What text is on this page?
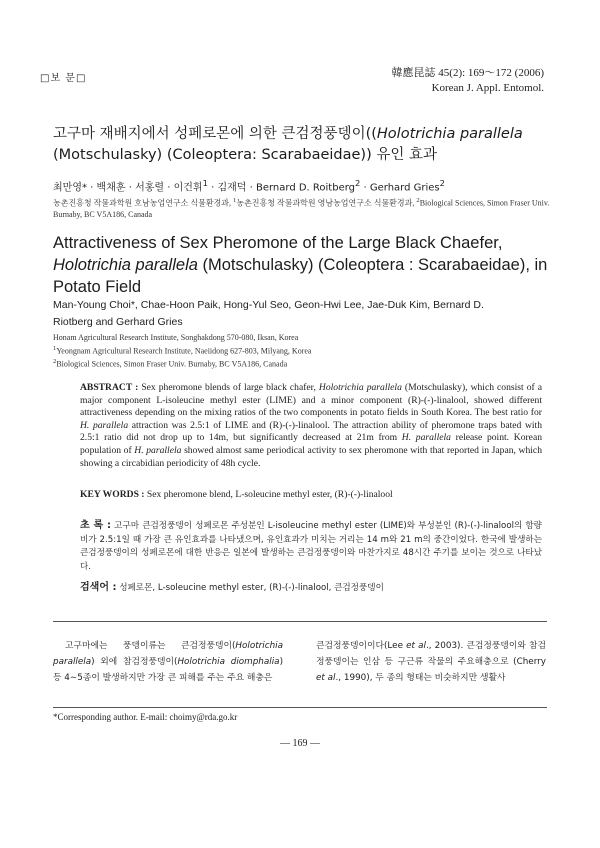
□보 문□	韓應昆誌 45(2): 169～172 (2006)
Korean J. Appl. Entomol.
고구마 재배지에서 성페로몬에 의한 큰검정풍뎅이((Holotrichia parallela
(Motschulasky) (Coleoptera: Scarabaeidae)) 유인 효과
최만영* · 백채훈 · 서홍렬 · 이건휘$^1$ · 김재덕 · Bernard D. Roitberg$^2$ · Gerhard Gries$^2$
농촌진흥청 작물과학원 호남농업연구소 식물환경과, $^1$농촌진흥청 작물과학원 영남농업연구소 식물환경과, $^2$Biological Sciences, Simon Fraser Univ.
Burnaby, BC V5A186, Canada
Attractiveness of Sex Pheromone of the Large Black Chaefer,
Holotrichia parallela (Motschulasky) (Coleoptera : Scarabaeidae), in
Potato Field
Man-Young Choi*, Chae-Hoon Paik, Hong-Yul Seo, Geon-Hwi Lee, Jae-Duk Kim, Bernard D.
Riotberg and Gerhard Gries
Honam Agricultural Research Institute, Songhakdong 570-080, Iksan, Korea
$^1$Yeongnam Agricultural Research Institute, Naeiidong 627-803, Milyang, Korea
$^2$Biological Sciences, Simon Fraser Univ. Burnaby, BC V5A186, Canada
ABSTRACT : Sex pheromone blends of large black chafer, Holotrichia parallela (Motschulasky), which consist of a major component L-isoleucine methyl ester (LIME) and a minor component (R)-(-)-linalool, showed different attractiveness depending on the mixing ratios of the two components in potato fields in South Korea. The best ratio for H. parallela attraction was 2.5:1 of LIME and (R)-(-)-linalool. The attraction ability of pheromone traps bated with 2.5:1 ratio did not drop up to 14m, but significantly decreased at 21m from H. parallela release point. Korean population of H. parallela showed almost same periodical activity to sex pheromone with that reported in Japan, which showing a circabidian periodicity of 48h cycle.
KEY WORDS : Sex pheromone blend, L-soleucine methyl ester, (R)-(-)-linalool
초 록 : 고구마 큰검정풍뎅이 성페로몬 주성분인 L-isoleucine methyl ester (LIME)와 부성분인 (R)-(-)-linalool의 함량비가 2.5:1일 때 가장 큰 유인효과를 나타냈으며, 유인효과가 미치는 거리는 14 m와 21 m의 중간이었다. 한국에 발생하는 큰검정풍뎅이의 성페로몬에 대한 반응은 일본에 발생하는 큰검정풍뎅이와 마찬가지로 48시간 주기를 보이는 것으로 나타났다.
검색어 : 성페로몬, L-soleucine methyl ester, (R)-(-)-linalool, 큰검정풍뎅이
고구마에는 풍뎅이류는 큰검정풍뎅이(Holotrichia parallela) 외에 참검정풍뎅이(Holotrichia diomphalia) 등 4∼5종이 발생하지만 가장 큰 피해를 주는 주요 해충은
큰검정풍뎅이이다(Lee et al., 2003). 큰검정풍뎅이와 참검정풍뎅이는 인삼 등 구근류 작물의 주요해충으로 (Cherry et al., 1990), 두 종의 형태는 비슷하지만 생활사
*Corresponding author. E-mail: choimy@rda.go.kr
— 169 —
